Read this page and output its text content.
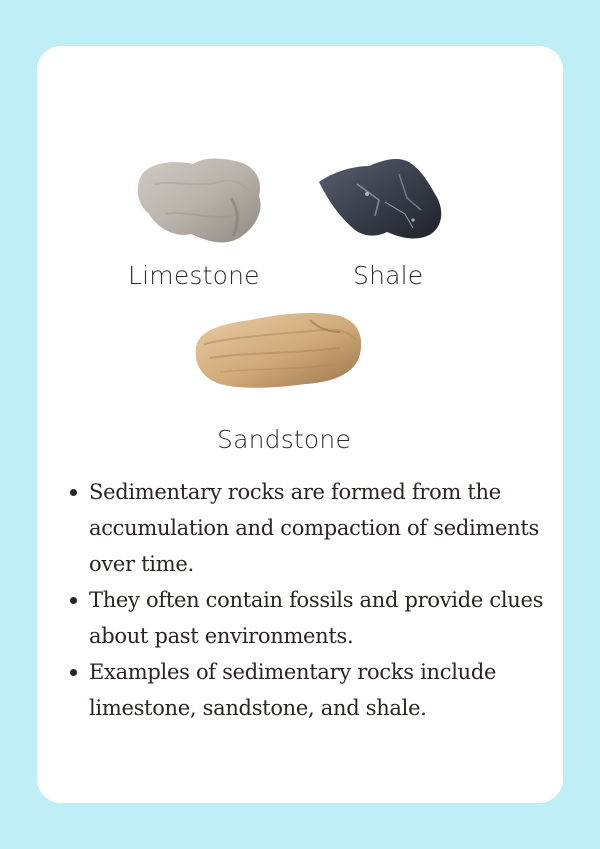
Limestone	Shale

Sandstone

Sedimentary rocks are formed from the accumulation and compaction of sediments over time.
They often contain fossils and provide clues about past environments.
Examples of sedimentary rocks include limestone, sandstone, and shale.
